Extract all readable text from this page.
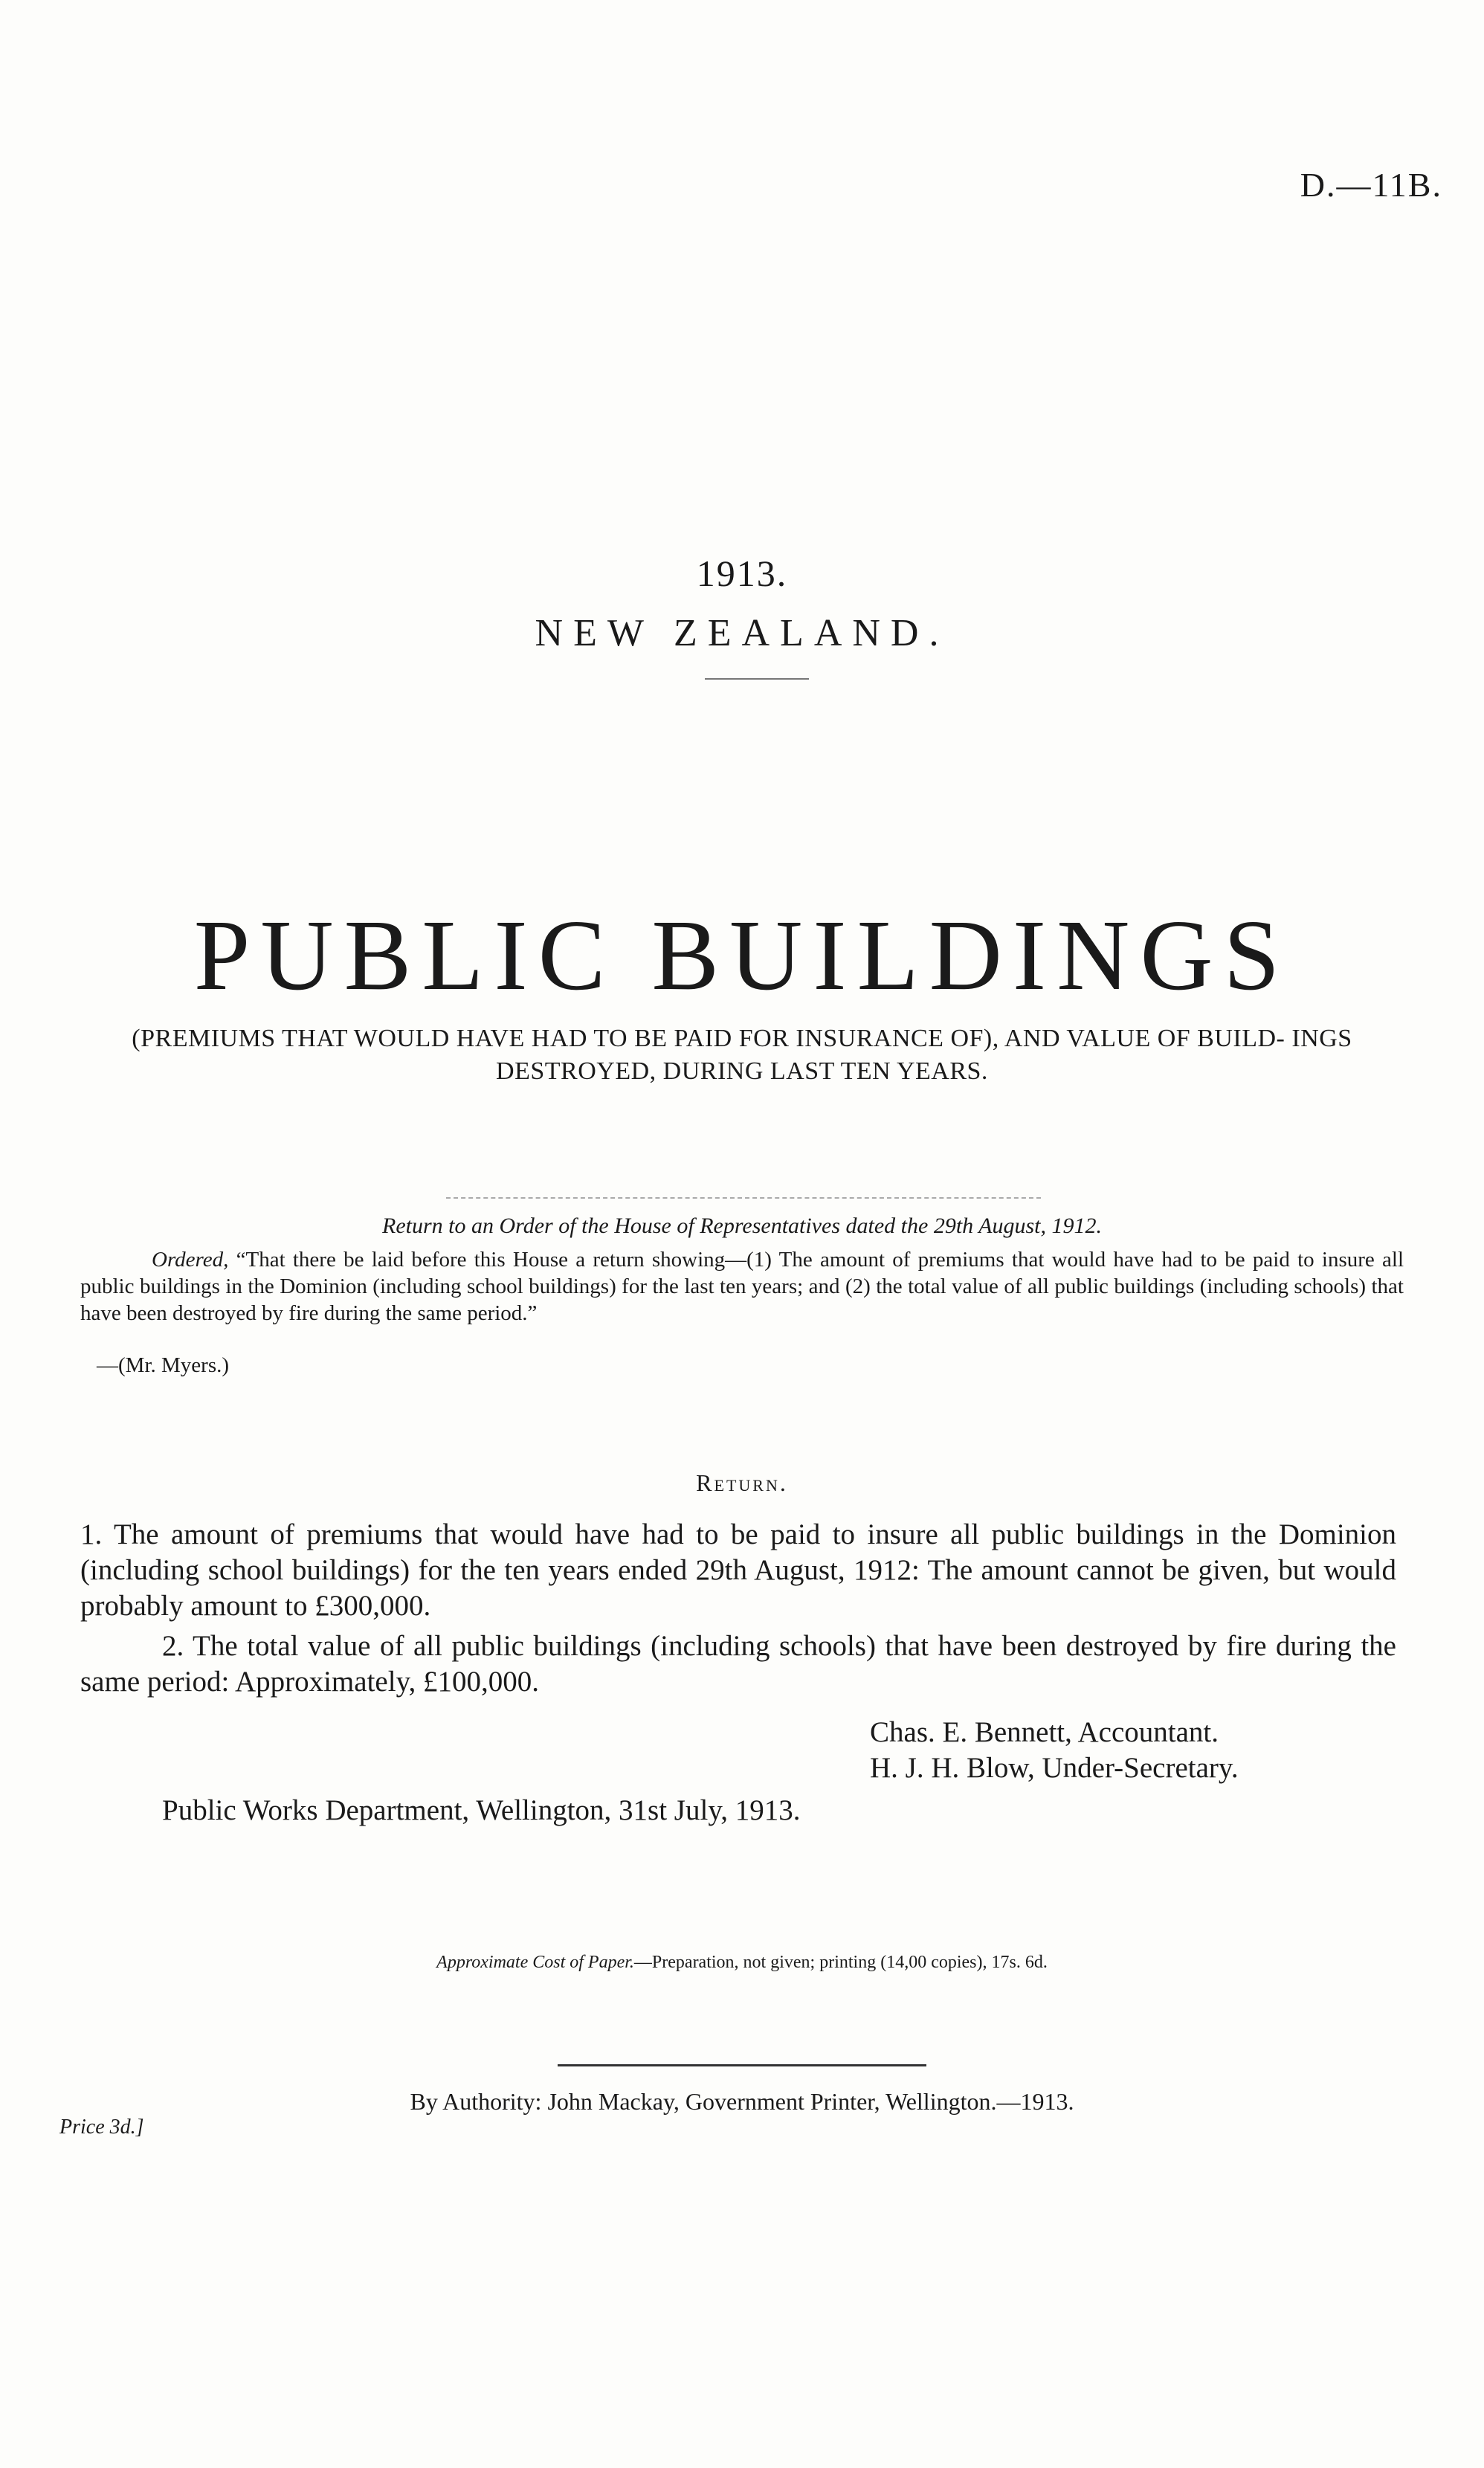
D.—11B.
1913.
NEW ZEALAND.
PUBLIC BUILDINGS
(PREMIUMS THAT WOULD HAVE HAD TO BE PAID FOR INSURANCE OF), AND VALUE OF BUILD- INGS DESTROYED, DURING LAST TEN YEARS.
Return to an Order of the House of Representatives dated the 29th August, 1912.
Ordered, “That there be laid before this House a return showing—(1) The amount of premiums that would have had to be paid to insure all public buildings in the Dominion (including school buildings) for the last ten years; and (2) the total value of all public buildings (including schools) that have been destroyed by fire during the same period.”
—(Mr. Myers.)
Return.
1. The amount of premiums that would have had to be paid to insure all public buildings in the Dominion (including school buildings) for the ten years ended 29th August, 1912: The amount cannot be given, but would probably amount to £300,000.
2. The total value of all public buildings (including schools) that have been destroyed by fire during the same period: Approximately, £100,000.
Chas. E. Bennett, Accountant.
H. J. H. Blow, Under-Secretary.
Public Works Department, Wellington, 31st July, 1913.
Approximate Cost of Paper.—Preparation, not given; printing (14,00 copies), 17s. 6d.
By Authority: John Mackay, Government Printer, Wellington.—1913.
Price 3d.]
